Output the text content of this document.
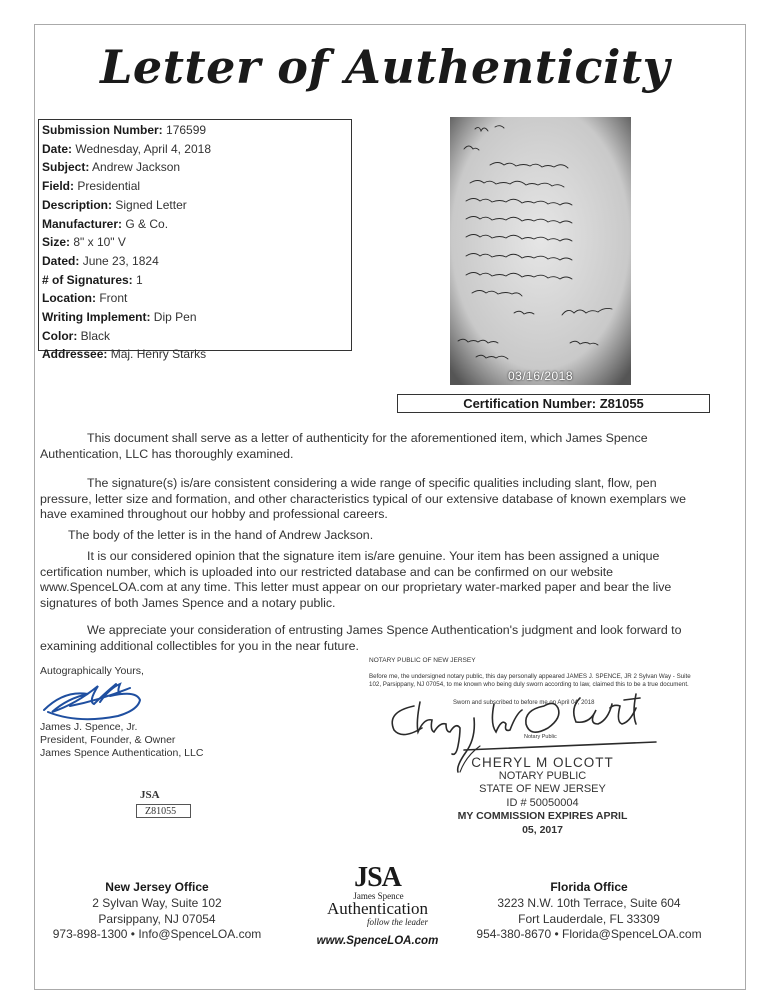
Letter of Authenticity
Submission Number: 176599
Date: Wednesday, April 4, 2018
Subject: Andrew Jackson
Field: Presidential
Description: Signed Letter
Manufacturer: G & Co.
Size: 8" x 10" V
Dated: June 23, 1824
# of Signatures: 1
Location: Front
Writing Implement: Dip Pen
Color: Black
Addressee: Maj. Henry Starks
03/16/2018
Certification Number: Z81055
This document shall serve as a letter of authenticity for the aforementioned item, which James Spence Authentication, LLC has thoroughly examined.
The signature(s) is/are consistent considering a wide range of specific qualities including slant, flow, pen pressure, letter size and formation, and other characteristics typical of our extensive database of known exemplars we have examined throughout our hobby and professional careers.
The body of the letter is in the hand of Andrew Jackson.
It is our considered opinion that the signature item is/are genuine. Your item has been assigned a unique certification number, which is uploaded into our restricted database and can be confirmed on our website www.SpenceLOA.com at any time. This letter must appear on our proprietary water-marked paper and bear the live signatures of both James Spence and a notary public.
We appreciate your consideration of entrusting James Spence Authentication's judgment and look forward to examining additional collectibles for you in the near future.
Autographically Yours,
James J. Spence, Jr.
President, Founder, & Owner
James Spence Authentication, LLC
JSA
Z81055
NOTARY PUBLIC OF NEW JERSEY
Before me, the undersigned notary public, this day personally appeared JAMES J. SPENCE, JR 2 Sylvan Way - Suite 102, Parsippany, NJ 07054, to me known who being duly sworn according to law, claimed this to be a true document.
Sworn and subscribed to before me on April 04, 2018
Notary Public
CHERYL M OLCOTT
NOTARY PUBLIC
STATE OF NEW JERSEY
ID # 50050004
MY COMMISSION EXPIRES APRIL 05, 2017
New Jersey Office
2 Sylvan Way, Suite 102
Parsippany, NJ 07054
973-898-1300 • Info@SpenceLOA.com
JSA
James Spence
Authentication
follow the leader
www.SpenceLOA.com
Florida Office
3223 N.W. 10th Terrace, Suite 604
Fort Lauderdale, FL 33309
954-380-8670 • Florida@SpenceLOA.com
